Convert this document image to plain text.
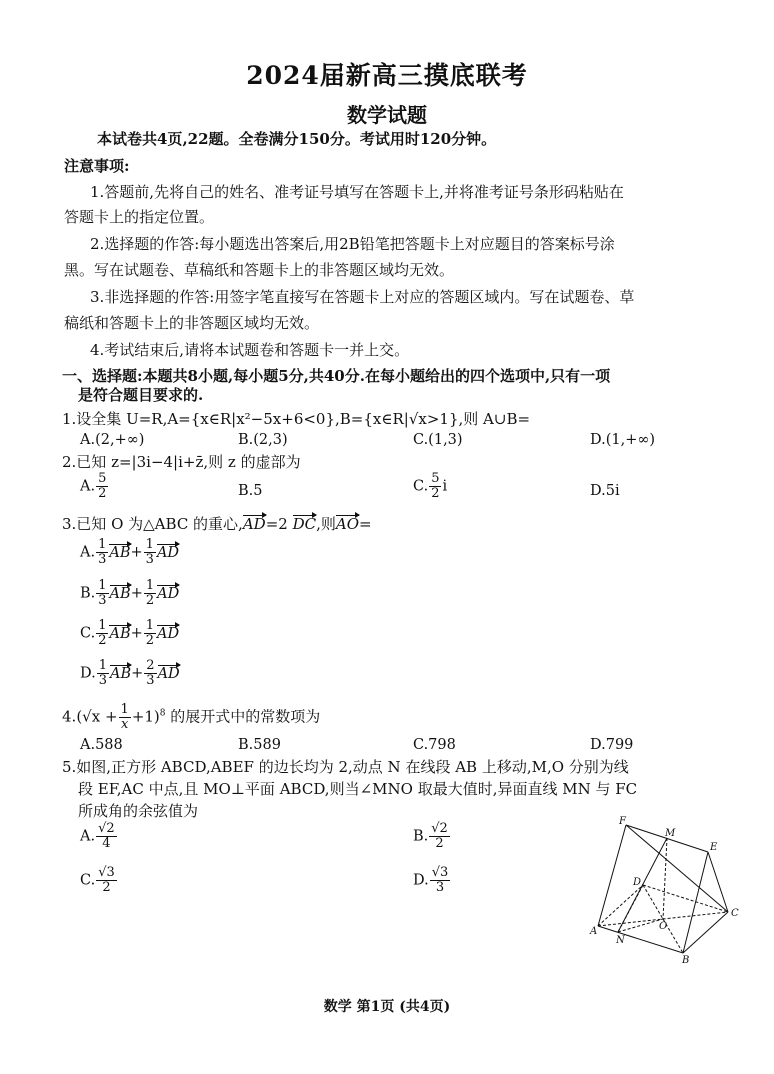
2024届新高三摸底联考
数学试题
本试卷共4页,22题。全卷满分150分。考试用时120分钟。
注意事项:
1.答题前,先将自己的姓名、准考证号填写在答题卡上,并将准考证号条形码粘贴在
答题卡上的指定位置。
2.选择题的作答:每小题选出答案后,用2B铅笔把答题卡上对应题目的答案标号涂
黑。写在试题卷、草稿纸和答题卡上的非答题区域均无效。
3.非选择题的作答:用签字笔直接写在答题卡上对应的答题区域内。写在试题卷、草
稿纸和答题卡上的非答题区域均无效。
4.考试结束后,请将本试题卷和答题卡一并上交。
一、选择题:本题共8小题,每小题5分,共40分.在每小题给出的四个选项中,只有一项
是符合题目要求的.
1.设全集 U=R,A={x∈R|x²−5x+6<0},B={x∈R|√x>1},则 A∪B=
A.(2,+∞)	B.(2,3)	C.(1,3)	D.(1,+∞)
2.已知 z=|3i−4|i+z̄,则 z 的虚部为
A. $\frac{5}{2}$	B.5	C. $\frac{5}{2}$ i	D.5i
3.已知 O 为△ABC 的重心,AD=2 DC,则AO=
A. $\frac{1}{3} AB+ \frac{1}{3}$ AD
B. $\frac{1}{3} AB+ \frac{1}{2}$ AD
C. $\frac{1}{2} AB+ \frac{1}{2}$ AD
D. $\frac{1}{3} AB+ \frac{2}{3}$ AD
$4.(√x + \frac{1}{x} +1)^8$ 的展开式中的常数项为
A.588	B.589	C.798	D.799
5.如图,正方形 ABCD,ABEF 的边长均为 2,动点 N 在线段 AB 上移动,M,O 分别为线
段 EF,AC 中点,且 MO⊥平面 ABCD,则当∠MNO 取最大值时,异面直线 MN 与 FC
所成角的余弦值为
A. $\frac{√2}{4}$	B. $\frac{√2}{2}$
C. $\frac{√3}{2}$	D. $\frac{√3}{3}$
F
M
E
D
C
A
N
O
B
数学 第1页 (共4页)
